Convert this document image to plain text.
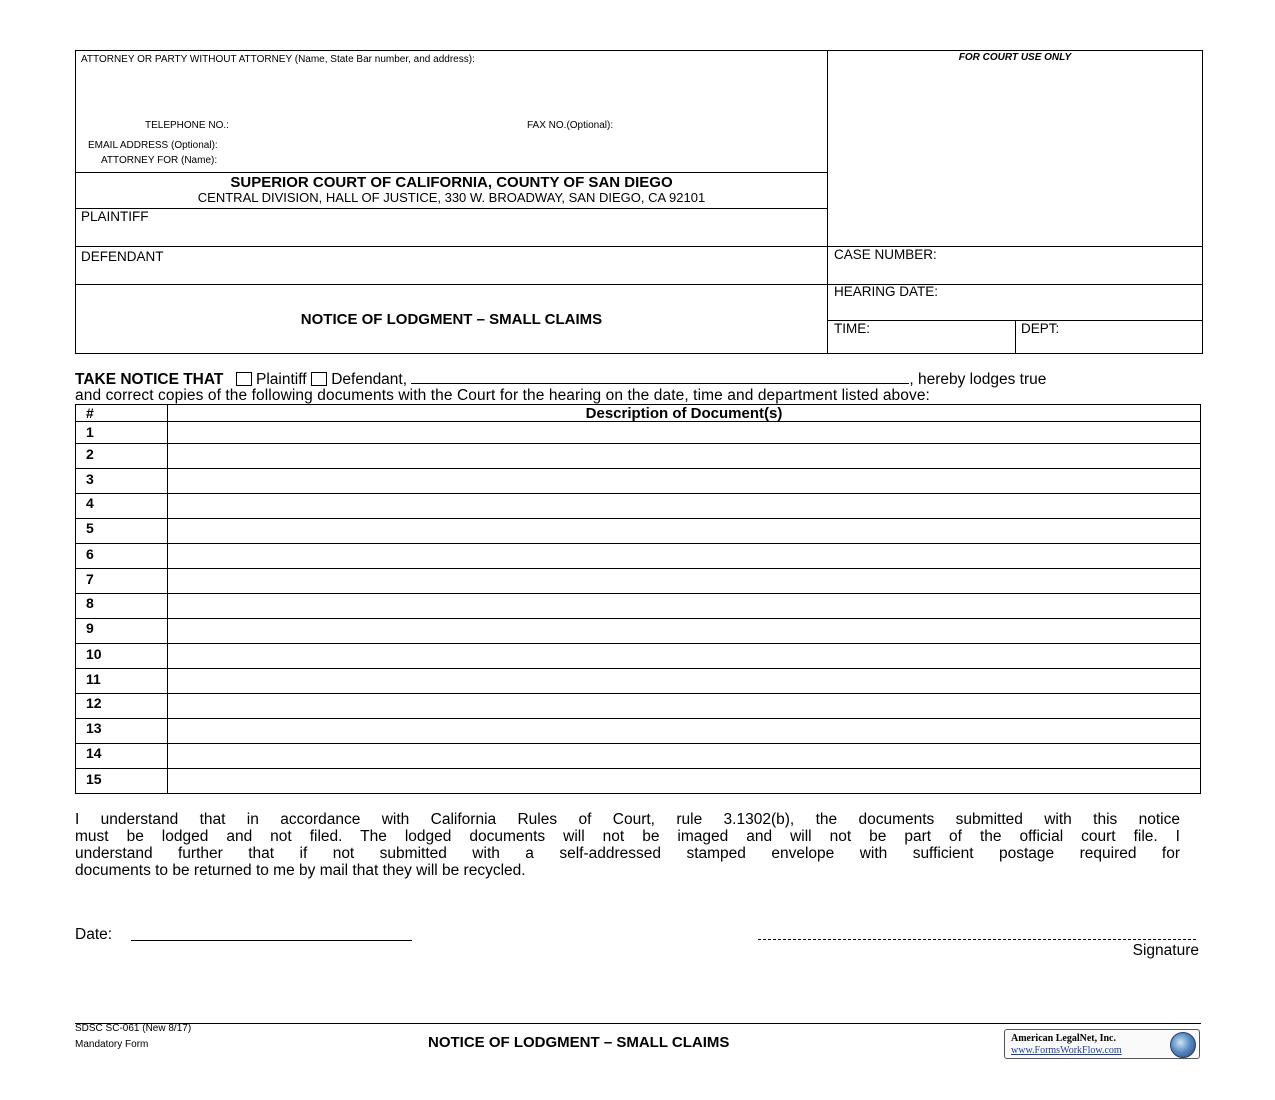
ATTORNEY OR PARTY WITHOUT ATTORNEY (Name, State Bar number, and address):	FOR COURT USE ONLY
TELEPHONE NO.:	FAX NO.(Optional):
EMAIL ADDRESS (Optional):
ATTORNEY FOR (Name):
SUPERIOR COURT OF CALIFORNIA, COUNTY OF SAN DIEGO
CENTRAL DIVISION, HALL OF JUSTICE, 330 W. BROADWAY, SAN DIEGO, CA 92101
PLAINTIFF
DEFENDANT
NOTICE OF LODGMENT – SMALL CLAIMS
CASE NUMBER:
HEARING DATE:
TIME:	DEPT:
TAKE NOTICE THAT Plaintiff Defendant,	, hereby lodges true
and correct copies of the following documents with the Court for the hearing on the date, time and department listed above:
#	Description of Document(s)
1
2
3
4
5
6
7
8
9
10
11
12
13
14
15
I understand that in accordance with California Rules of Court, rule 3.1302(b), the documents submitted with this notice
must be lodged and not filed. The lodged documents will not be imaged and will not be part of the official court file. I
understand further that if not submitted with a self-addressed stamped envelope with sufficient postage required for
documents to be returned to me by mail that they will be recycled.
Date:
Signature
SDSC SC-061 (New 8/17)
Mandatory Form	NOTICE OF LODGMENT – SMALL CLAIMS	American LegalNet, Inc.
www.FormsWorkFlow.com
